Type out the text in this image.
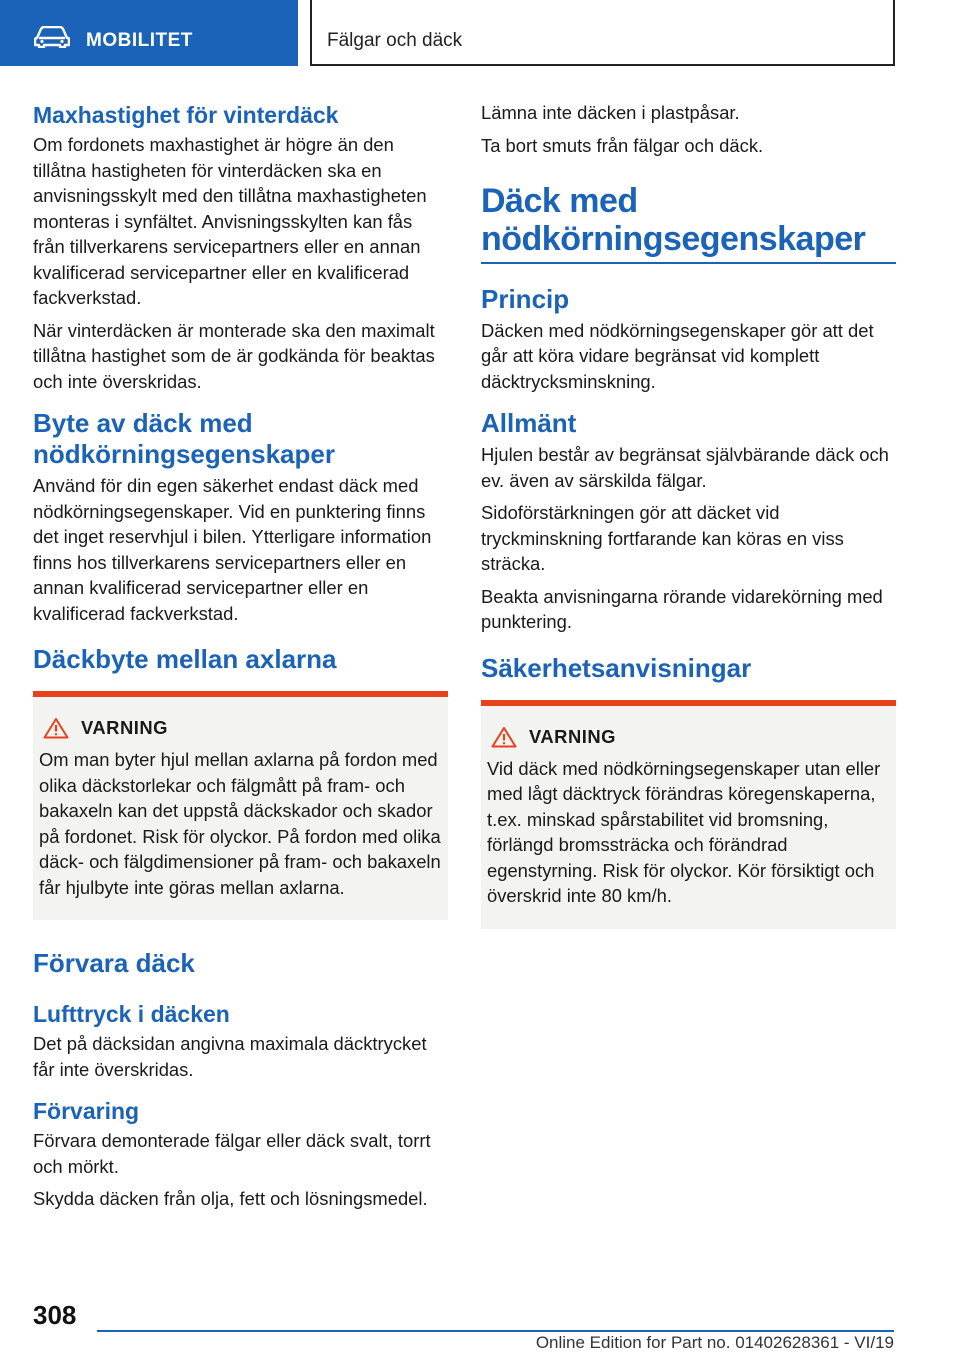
MOBILITET	Fälgar och däck
Maxhastighet för vinterdäck

Om fordonets maxhastighet är högre än den tillåtna hastigheten för vinterdäcken ska en anvisningsskylt med den tillåtna maxhastigheten monteras i synfältet. Anvisningsskylten kan fås från tillverkarens servicepartners eller en annan kvalificerad servicepartner eller en kvalificerad fackverkstad.

När vinterdäcken är monterade ska den maximalt tillåtna hastighet som de är godkända för beaktas och inte överskridas.

Byte av däck med nödkörningsegenskaper

Använd för din egen säkerhet endast däck med nödkörningsegenskaper. Vid en punktering finns det inget reservhjul i bilen. Ytterligare information finns hos tillverkarens servicepartners eller en annan kvalificerad servicepartner eller en kvalificerad fackverkstad.

Däckbyte mellan axlarna
VARNING

Om man byter hjul mellan axlarna på fordon med olika däckstorlekar och fälgmått på fram- och bakaxeln kan det uppstå däckskador och skador på fordonet. Risk för olyckor. På fordon med olika däck- och fälgdimensioner på fram- och bakaxeln får hjulbyte inte göras mellan axlarna.

Förvara däck
Lufttryck i däcken

Det på däcksidan angivna maximala däcktrycket får inte överskridas.

Förvaring

Förvara demonterade fälgar eller däck svalt, torrt och mörkt.

Skydda däcken från olja, fett och lösningsmedel.

Lämna inte däcken i plastpåsar.

Ta bort smuts från fälgar och däck.

Däck med nödkörningsegenskaper
Princip

Däcken med nödkörningsegenskaper gör att det går att köra vidare begränsat vid komplett däcktrycksminskning.

Allmänt

Hjulen består av begränsat självbärande däck och ev. även av särskilda fälgar.

Sidoförstärkningen gör att däcket vid tryckminskning fortfarande kan köras en viss sträcka.

Beakta anvisningarna rörande vidarekörning med punktering.

Säkerhetsanvisningar
VARNING

Vid däck med nödkörningsegenskaper utan eller med lågt däcktryck förändras köregenskaperna, t.ex. minskad spårstabilitet vid bromsning, förlängd bromssträcka och förändrad egenstyrning. Risk för olyckor. Kör försiktigt och överskrid inte 80 km/h.

308
Online Edition for Part no. 01402628361 - VI/19
